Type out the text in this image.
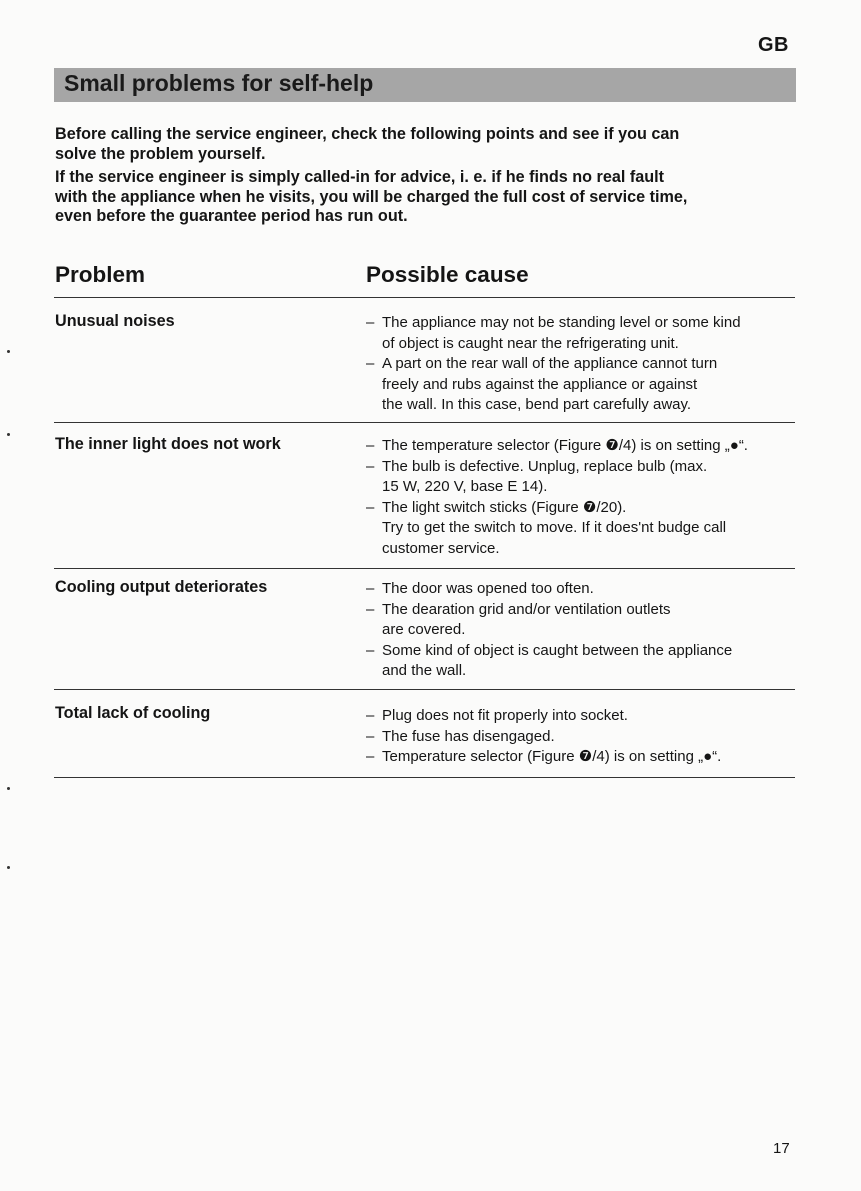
GB
Small problems for self-help
Before calling the service engineer, check the following points and see if you can
solve the problem yourself.
If the service engineer is simply called-in for advice, i. e. if he finds no real fault
with the appliance when he visits, you will be charged the full cost of service time,
even before the guarantee period has run out.
Problem	Possible cause
Unusual noises	– The appliance may not be standing level or some kind
of object is caught near the refrigerating unit.
– A part on the rear wall of the appliance cannot turn
freely and rubs against the appliance or against
the wall. In this case, bend part carefully away.
The inner light does not work	– The temperature selector (Figure ❼/4) is on setting „●“.
– The bulb is defective. Unplug, replace bulb (max.
15 W, 220 V, base E 14).
– The light switch sticks (Figure ❼/20).
Try to get the switch to move. If it does'nt budge call
customer service.
Cooling output deteriorates	– The door was opened too often.
– The dearation grid and/or ventilation outlets
are covered.
– Some kind of object is caught between the appliance
and the wall.
Total lack of cooling	– Plug does not fit properly into socket.
– The fuse has disengaged.
– Temperature selector (Figure ❼/4) is on setting „●“.
17
